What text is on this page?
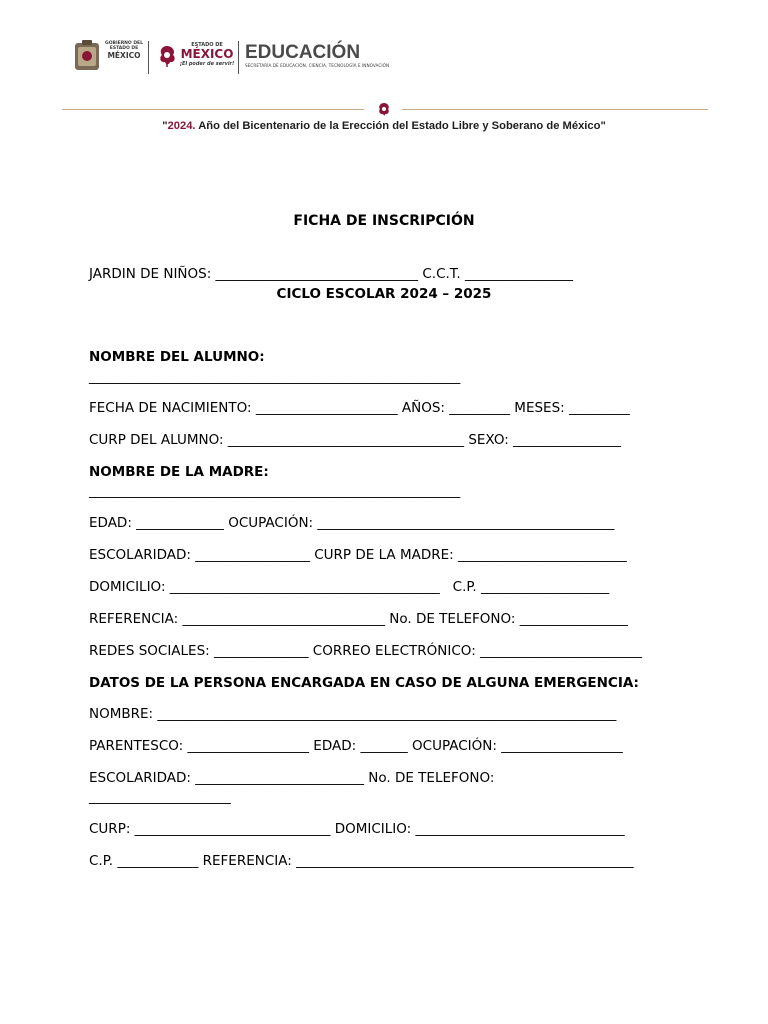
GOBIERNO DEL
ESTADO DE
MÉXICO
ESTADO DE
MÉXICO
¡El poder de servir!
EDUCACIÓN
SECRETARÍA DE EDUCACIÓN, CIENCIA, TECNOLOGÍA E INNOVACIÓN
"2024. Año del Bicentenario de la Erección del Estado Libre y Soberano de México"
FICHA DE INSCRIPCIÓN
JARDIN DE NIÑOS: ______________________________ C.C.T. ________________
CICLO ESCOLAR 2024 – 2025
NOMBRE DEL ALUMNO:
_______________________________________________________
FECHA DE NACIMIENTO: _____________________ AÑOS: _________ MESES: _________
CURP DEL ALUMNO: ___________________________________ SEXO: ________________
NOMBRE DE LA MADRE:
_______________________________________________________
EDAD: _____________ OCUPACIÓN: ____________________________________________
ESCOLARIDAD: _________________ CURP DE LA MADRE: _________________________
DOMICILIO: ________________________________________   C.P. ___________________
REFERENCIA: ______________________________ No. DE TELEFONO: ________________
REDES SOCIALES: ______________ CORREO ELECTRÓNICO: ________________________
DATOS DE LA PERSONA ENCARGADA EN CASO DE ALGUNA EMERGENCIA:
NOMBRE: ____________________________________________________________________
PARENTESCO: __________________ EDAD: _______ OCUPACIÓN: __________________
ESCOLARIDAD: _________________________ No. DE TELEFONO:
_____________________
CURP: _____________________________ DOMICILIO: _______________________________
C.P. ____________ REFERENCIA: __________________________________________________
